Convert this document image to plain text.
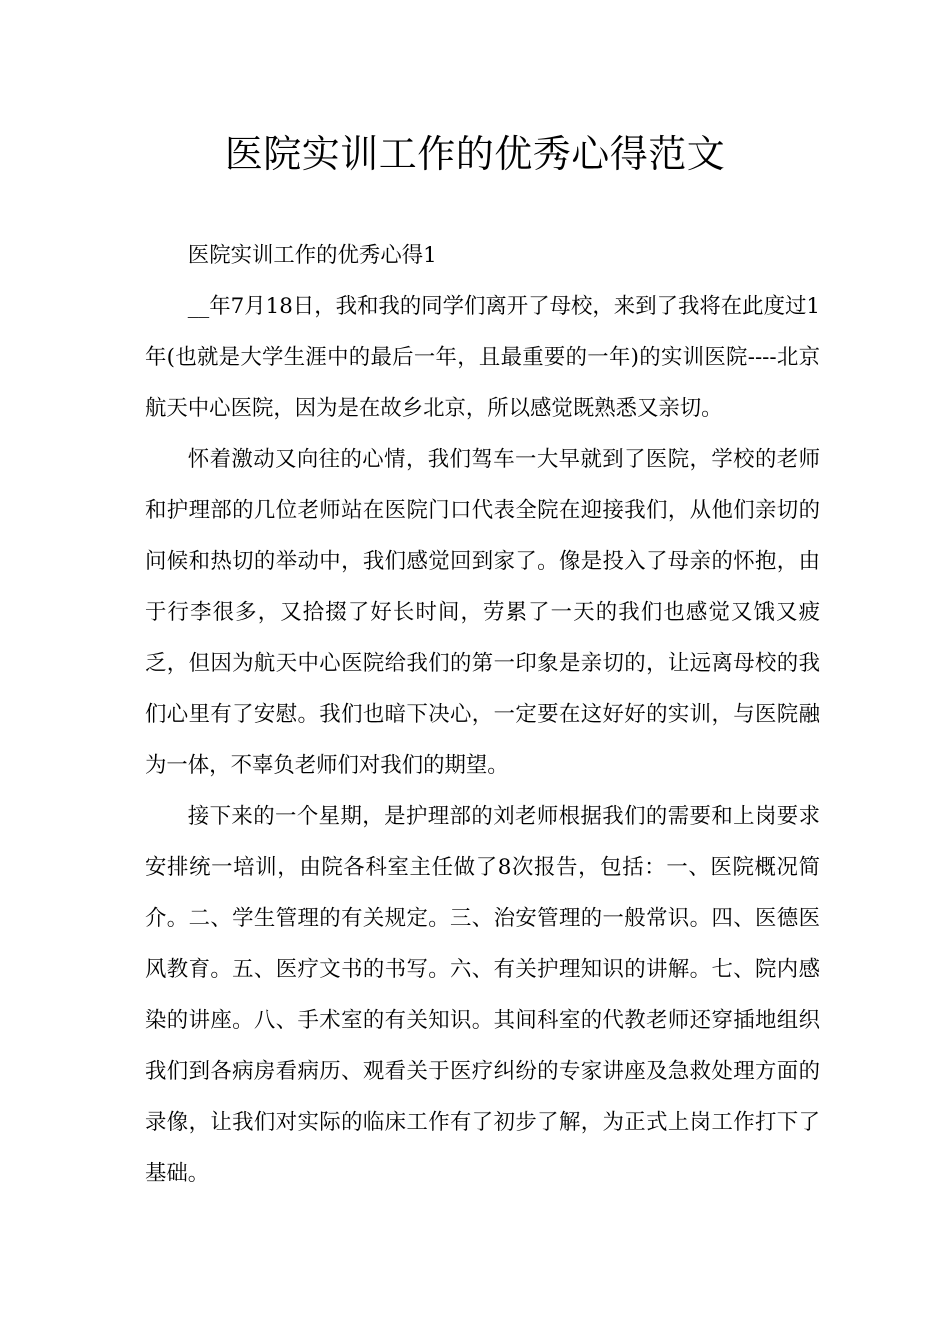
医院实训工作的优秀心得范文

医院实训工作的优秀心得1

__年7月18日，我和我的同学们离开了母校，来到了我将在此度过1年(也就是大学生涯中的最后一年，且最重要的一年)的实训医院----北京航天中心医院，因为是在故乡北京，所以感觉既熟悉又亲切。

怀着激动又向往的心情，我们驾车一大早就到了医院，学校的老师和护理部的几位老师站在医院门口代表全院在迎接我们，从他们亲切的问候和热切的举动中，我们感觉回到家了。像是投入了母亲的怀抱，由于行李很多，又拾掇了好长时间，劳累了一天的我们也感觉又饿又疲乏，但因为航天中心医院给我们的第一印象是亲切的，让远离母校的我们心里有了安慰。我们也暗下决心，一定要在这好好的实训，与医院融为一体，不辜负老师们对我们的期望。

接下来的一个星期，是护理部的刘老师根据我们的需要和上岗要求安排统一培训，由院各科室主任做了8次报告，包括：一、医院概况简介。二、学生管理的有关规定。三、治安管理的一般常识。四、医德医风教育。五、医疗文书的书写。六、有关护理知识的讲解。七、院内感染的讲座。八、手术室的有关知识。其间科室的代教老师还穿插地组织我们到各病房看病历、观看关于医疗纠纷的专家讲座及急救处理方面的录像，让我们对实际的临床工作有了初步了解，为正式上岗工作打下了基础。
